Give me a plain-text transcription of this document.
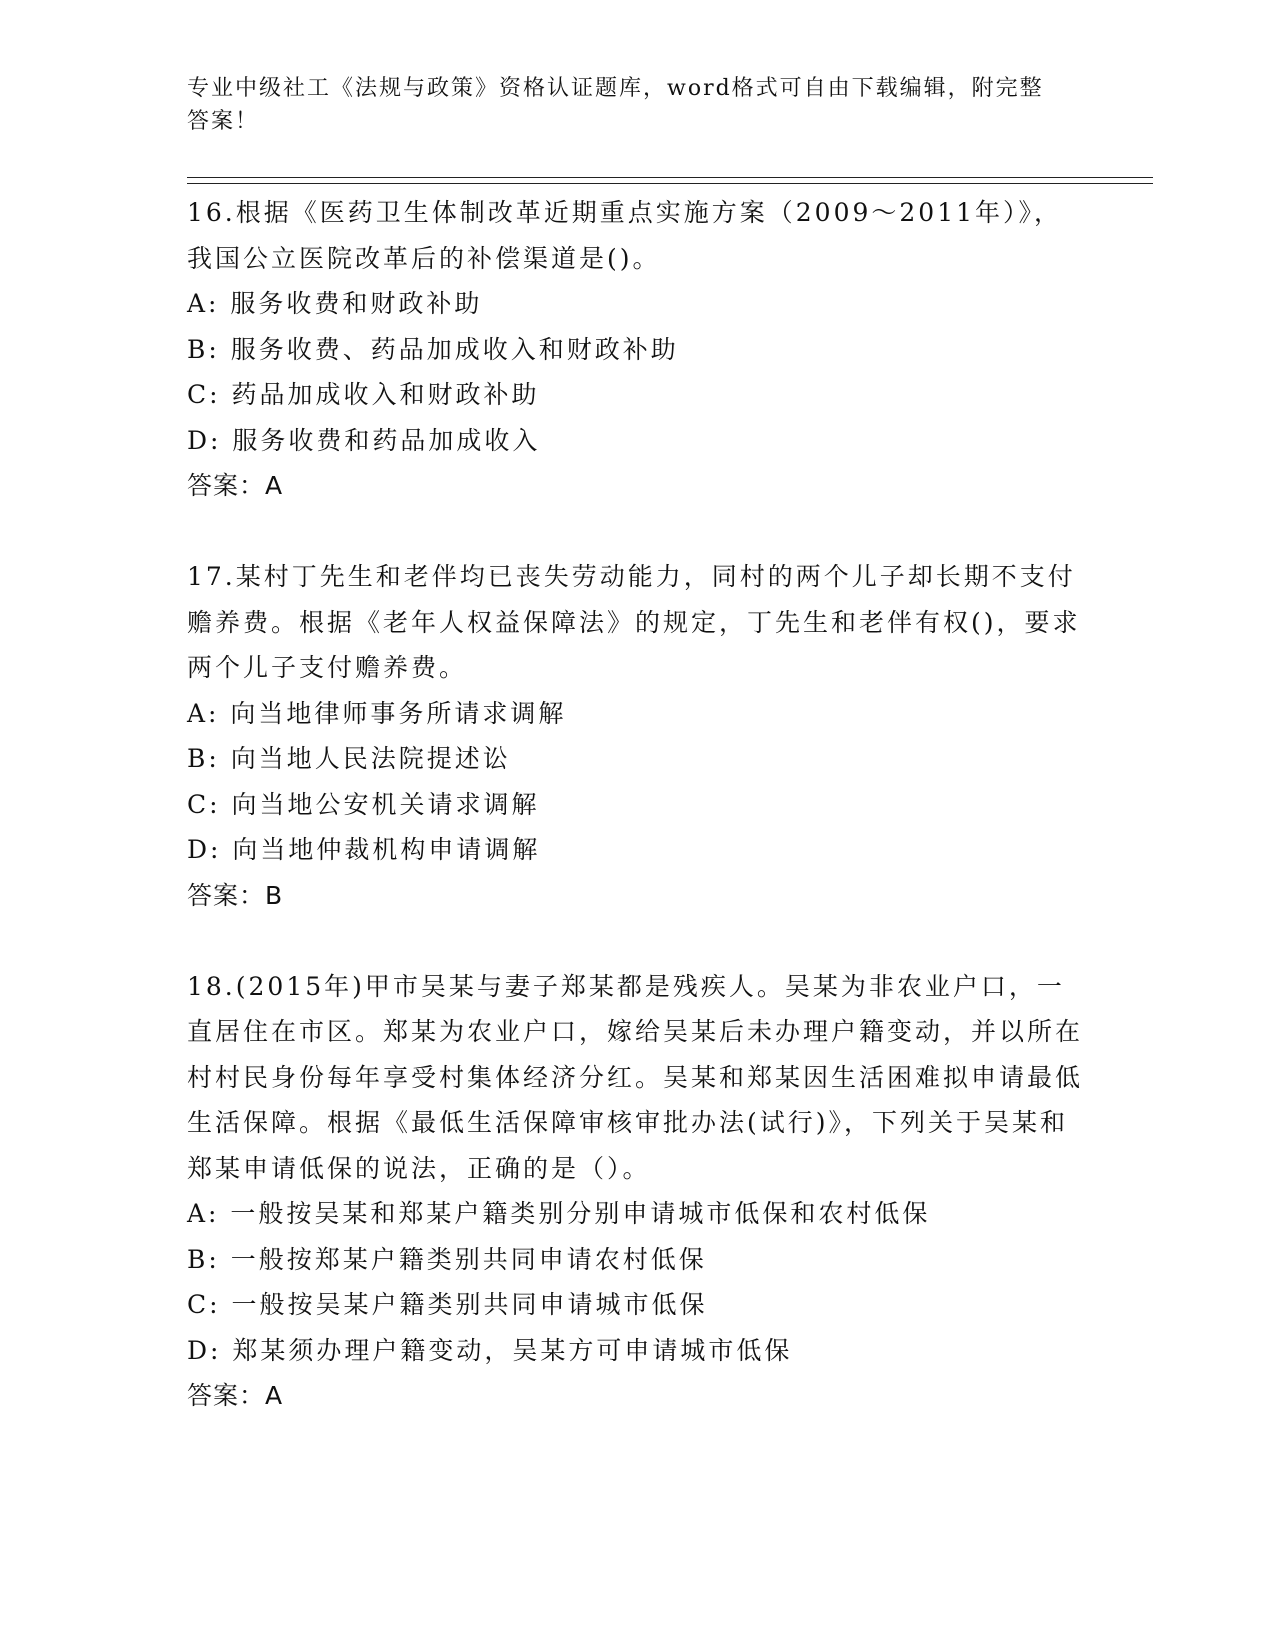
专业中级社工《法规与政策》资格认证题库，word格式可自由下载编辑，附完整答案！
16.根据《医药卫生体制改革近期重点实施方案（2009～2011年）》，我国公立医院改革后的补偿渠道是()。
A: 服务收费和财政补助
B: 服务收费、药品加成收入和财政补助
C: 药品加成收入和财政补助
D: 服务收费和药品加成收入
答案：A
17.某村丁先生和老伴均已丧失劳动能力，同村的两个儿子却长期不支付赡养费。根据《老年人权益保障法》的规定，丁先生和老伴有权()，要求两个儿子支付赡养费。
A: 向当地律师事务所请求调解
B: 向当地人民法院提述讼
C: 向当地公安机关请求调解
D: 向当地仲裁机构申请调解
答案：B
18.(2015年)甲市吴某与妻子郑某都是残疾人。吴某为非农业户口，一直居住在市区。郑某为农业户口，嫁给吴某后未办理户籍变动，并以所在村村民身份每年享受村集体经济分红。吴某和郑某因生活困难拟申请最低生活保障。根据《最低生活保障审核审批办法(试行)》，下列关于吴某和郑某申请低保的说法，正确的是（）。
A: 一般按吴某和郑某户籍类别分别申请城市低保和农村低保
B: 一般按郑某户籍类别共同申请农村低保
C: 一般按吴某户籍类别共同申请城市低保
D: 郑某须办理户籍变动，吴某方可申请城市低保
答案：A
